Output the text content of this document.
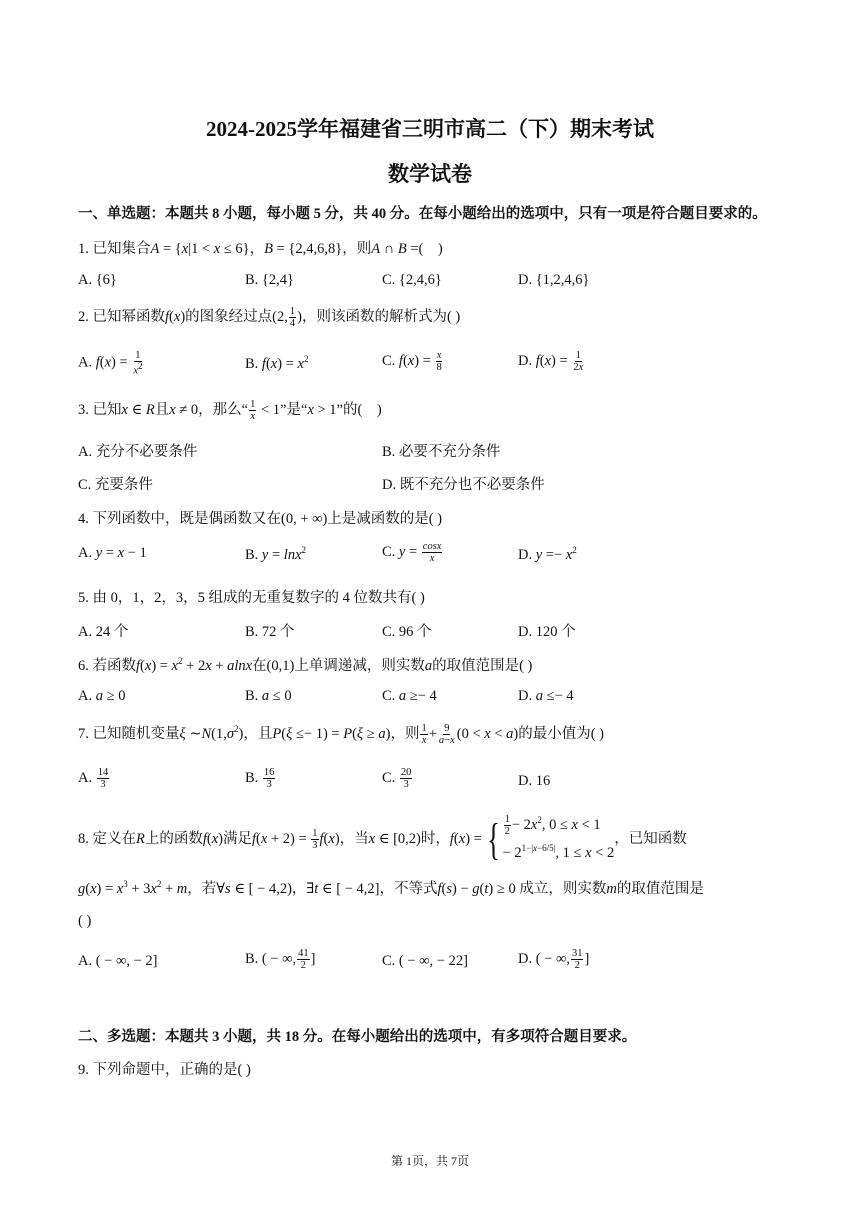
2024-2025学年福建省三明市高二（下）期末考试
数学试卷
一、单选题：本题共 8 小题，每小题 5 分，共 40 分。在每小题给出的选项中，只有一项是符合题目要求的。
1. 已知集合A = {x|1 < x ≤ 6}，B = {2,4,6,8}，则A ∩ B =(    )
A. {6}	B. {2,4}	C. {2,4,6}	D. {1,2,4,6}
2. 已知幂函数f(x)的图象经过点(2, $\frac{1}{4}$ )，则该函数的解析式为( )
A. $f(x) = \frac{1}{x^2}$	B. $f(x) = x^2$	C. $f(x) = \frac{x}{8}$	D. $f(x) = \frac{1}{2x}$
3. 已知x ∈ R且x ≠ 0，那么“ $\frac{1}{x} < 1$”是“x > 1”的(    )
A. 充分不必要条件	B. 必要不充分条件
C. 充要条件	D. 既不充分也不必要条件
4. 下列函数中，既是偶函数又在(0, + ∞)上是减函数的是( )
A. y = x − 1	B. y = lnx$^2$	C. $y = \frac{\cos x}{x}$	D. $y =- x^2$
5. 由 0，1，2，3，5 组成的无重复数字的 4 位数共有( )
A. 24 个	B. 72 个	C. 96 个	D. 120 个
6. 若函数$f(x) = x^2 + 2x + alnx$在(0,1)上单调递减，则实数a的取值范围是( )
A. a ≥ 0	B. a ≤ 0	C. a ≥− 4	D. a ≤− 4
7. 已知随机变量ξ $\sim N(1,\sigma^2)$，且P(ξ ≤− 1) = P(ξ ≥ a)，则 $\frac{1}{x} + \frac{9}{a-x} (0 < x < a)$的最小值为( )
A. $\frac{14}{3}$	B. $\frac{16}{3}$	C. $\frac{20}{3}$	D. 16
8. 定义在R上的函数f(x)满足$f(x + 2) = \frac{1}{3} f(x)$，当x ∈ [0,2)时，f(x) = { $\frac{1}{2} - 2x^2$, 0 ≤ x < 1
− $2^{1-|x-6/5|}$, 1 ≤ x < 2
，已知函数
$g(x) = x^3 + 3x^2 + m$，若∀s ∈ [ − 4,2)，∃t ∈ [ − 4,2]，不等式f(s) − g(t) ≥ 0 成立，则实数m的取值范围是
( )
A. ( − ∞, − 2]	B. ( − ∞, $\frac{41}{2}$ ]	C. ( − ∞, − 22]	D. ( − ∞, $\frac{31}{2}$ ]
二、多选题：本题共 3 小题，共 18 分。在每小题给出的选项中，有多项符合题目要求。
9. 下列命题中，正确的是( )
第 1页，共 7页
